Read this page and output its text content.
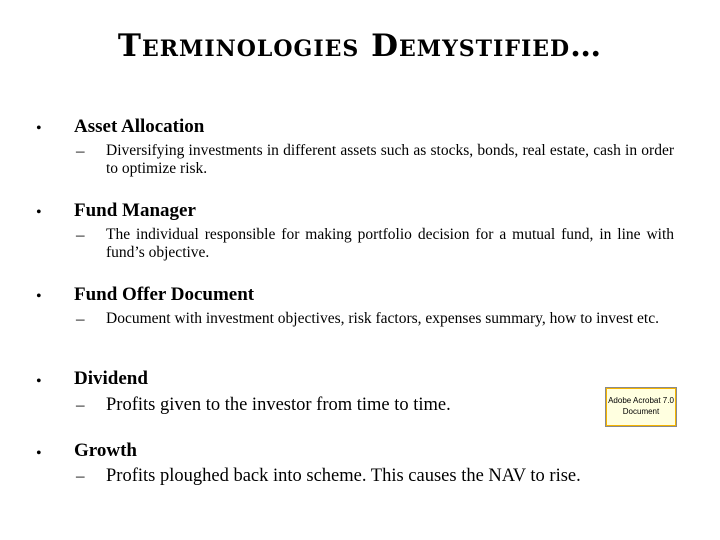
Terminologies Demystified…
• Asset Allocation
– Diversifying investments in different assets such as stocks, bonds, real estate, cash in order to optimize risk.
• Fund Manager
– The individual responsible for making portfolio decision for a mutual fund, in line with fund’s objective.
• Fund Offer Document
– Document with investment objectives, risk factors, expenses summary, how to invest etc.
• Dividend
– Profits given to the investor from time to time.
• Growth
– Profits ploughed back into scheme. This causes the NAV to rise.
Adobe Acrobat 7.0
Document
